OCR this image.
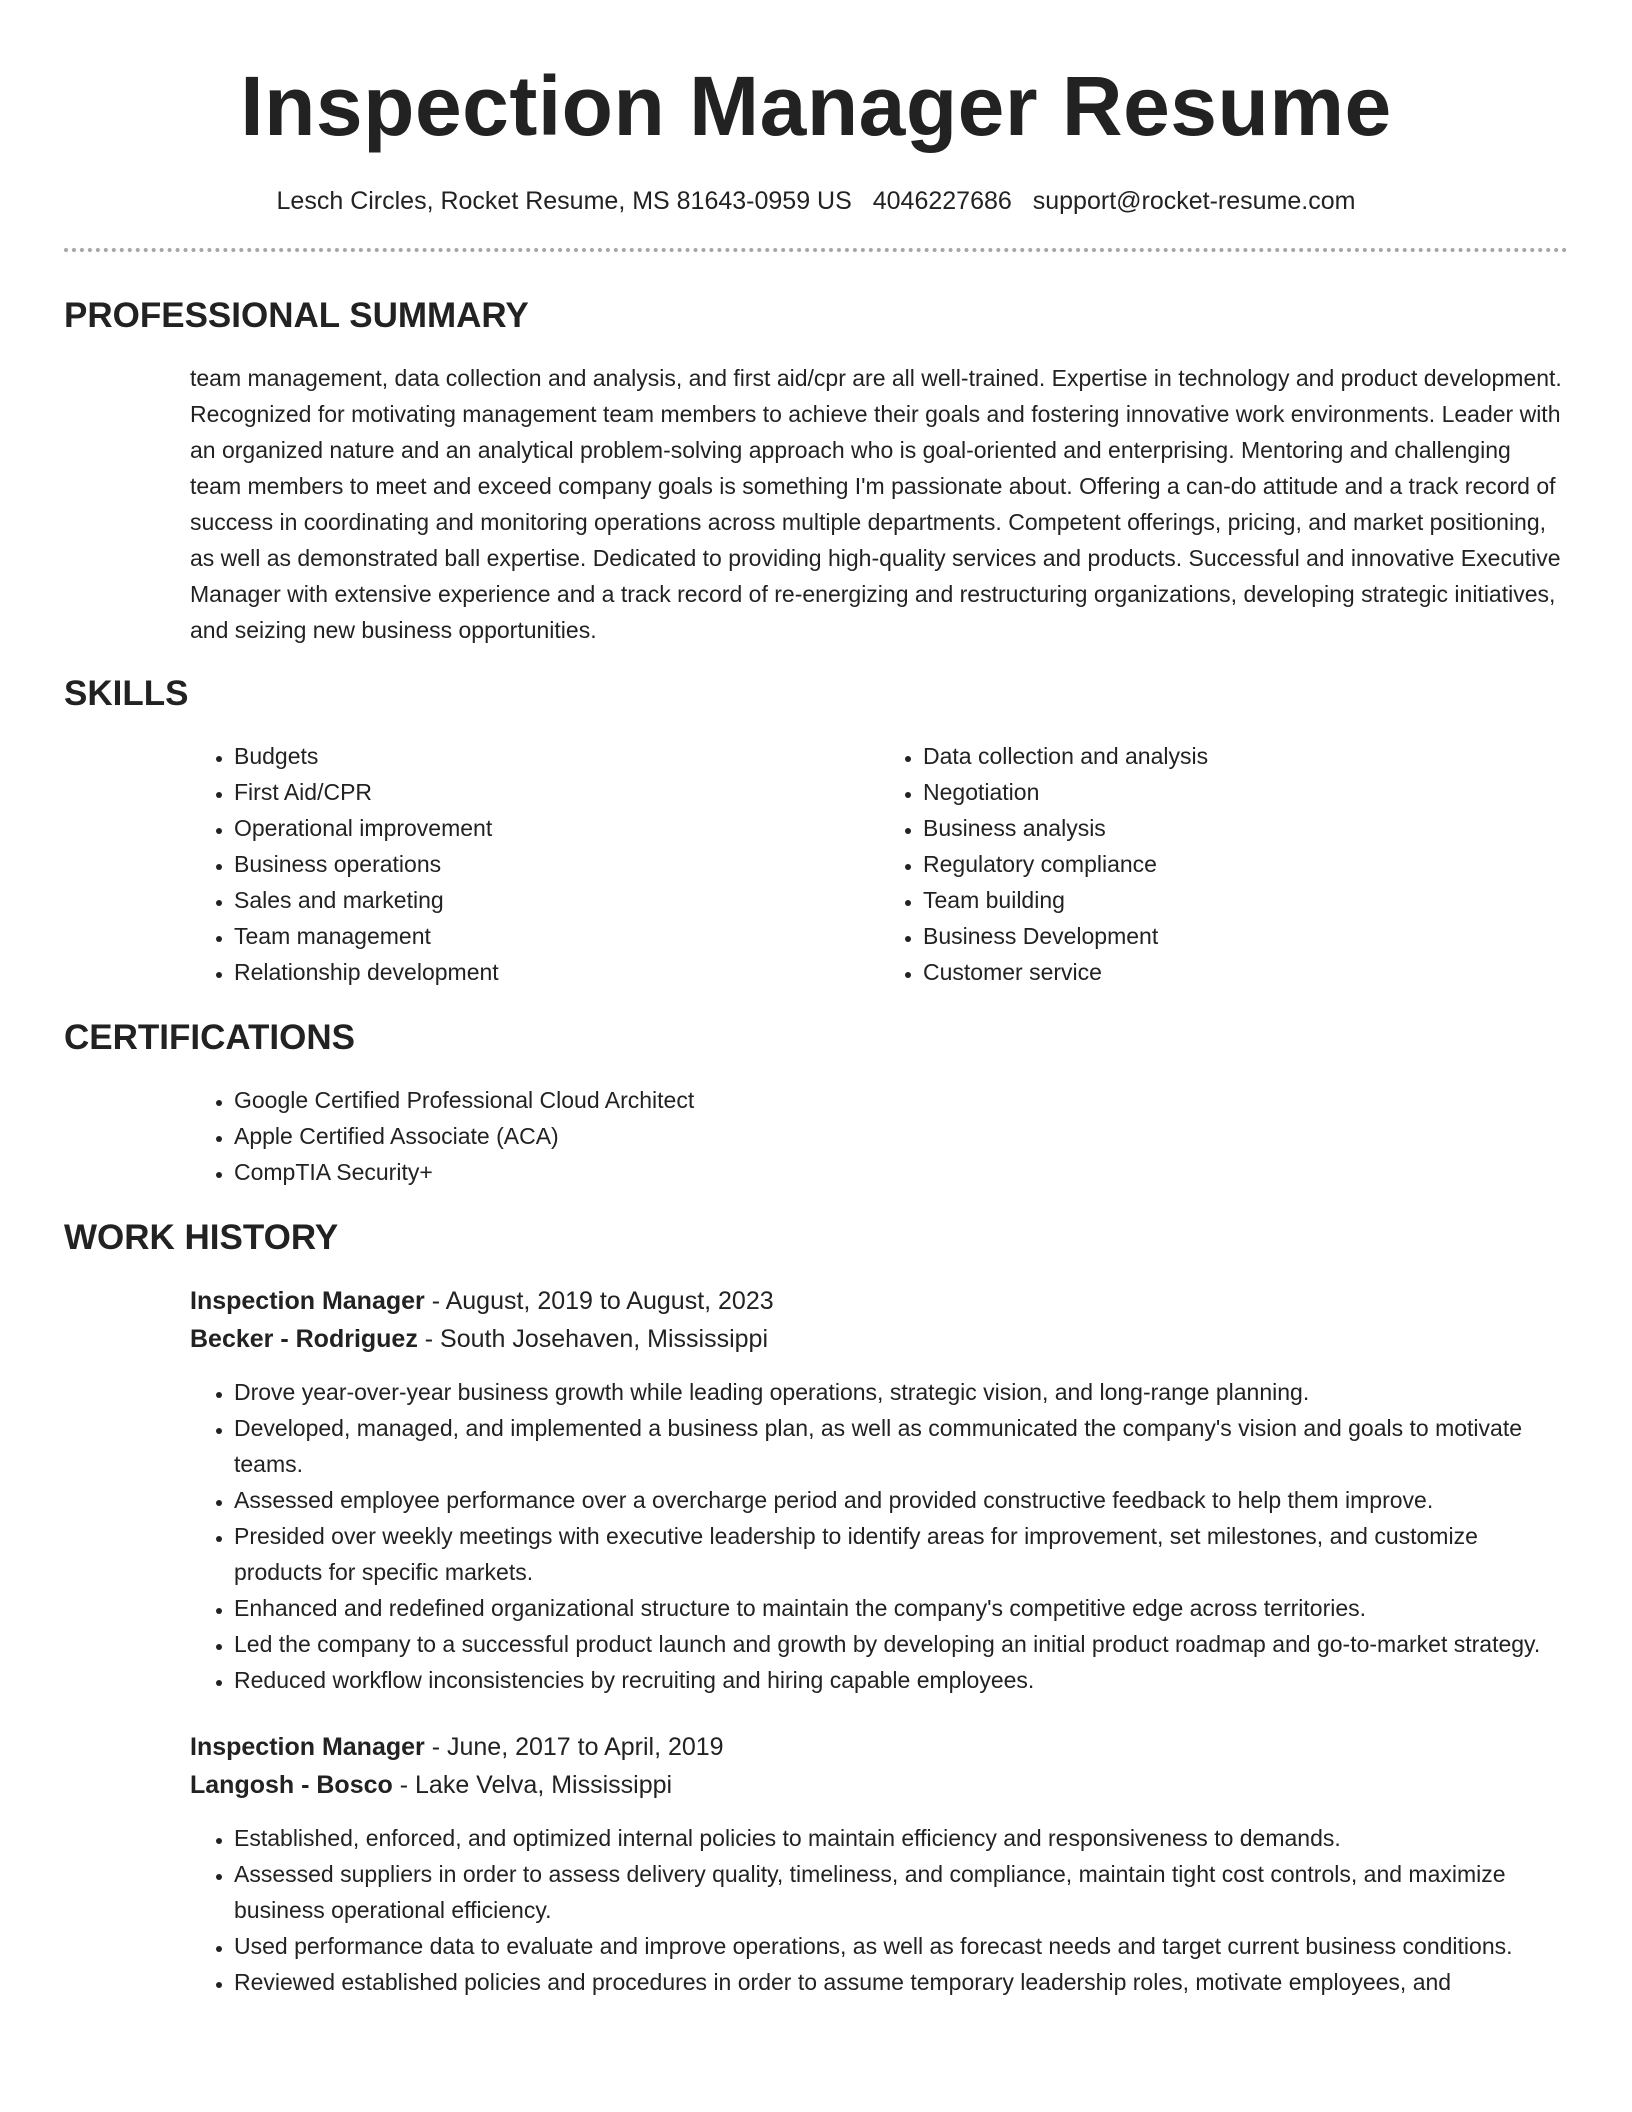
Inspection Manager Resume
Lesch Circles, Rocket Resume, MS 81643-0959 US 4046227686 support@rocket-resume.com
PROFESSIONAL SUMMARY

team management, data collection and analysis, and first aid/cpr are all well-trained. Expertise in technology and product development. Recognized for motivating management team members to achieve their goals and fostering innovative work environments. Leader with an organized nature and an analytical problem-solving approach who is goal-oriented and enterprising. Mentoring and challenging team members to meet and exceed company goals is something I'm passionate about. Offering a can-do attitude and a track record of success in coordinating and monitoring operations across multiple departments. Competent offerings, pricing, and market positioning, as well as demonstrated ball expertise. Dedicated to providing high-quality services and products. Successful and innovative Executive Manager with extensive experience and a track record of re-energizing and restructuring organizations, developing strategic initiatives, and seizing new business opportunities.

SKILLS
• Budgets
• First Aid/CPR
• Operational improvement
• Business operations
• Sales and marketing
• Team management
• Relationship development
• Data collection and analysis
• Negotiation
• Business analysis
• Regulatory compliance
• Team building
• Business Development
• Customer service
CERTIFICATIONS
• Google Certified Professional Cloud Architect
• Apple Certified Associate (ACA)
• CompTIA Security+
WORK HISTORY
Inspection Manager - August, 2019 to August, 2023
Becker - Rodriguez - South Josehaven, Mississippi
• Drove year-over-year business growth while leading operations, strategic vision, and long-range planning.
• Developed, managed, and implemented a business plan, as well as communicated the company's vision and goals to motivate teams.
• Assessed employee performance over a overcharge period and provided constructive feedback to help them improve.
• Presided over weekly meetings with executive leadership to identify areas for improvement, set milestones, and customize products for specific markets.
• Enhanced and redefined organizational structure to maintain the company's competitive edge across territories.
• Led the company to a successful product launch and growth by developing an initial product roadmap and go-to-market strategy.
• Reduced workflow inconsistencies by recruiting and hiring capable employees.
Inspection Manager - June, 2017 to April, 2019
Langosh - Bosco - Lake Velva, Mississippi
• Established, enforced, and optimized internal policies to maintain efficiency and responsiveness to demands.
• Assessed suppliers in order to assess delivery quality, timeliness, and compliance, maintain tight cost controls, and maximize business operational efficiency.
• Used performance data to evaluate and improve operations, as well as forecast needs and target current business conditions.
• Reviewed established policies and procedures in order to assume temporary leadership roles, motivate employees, and
